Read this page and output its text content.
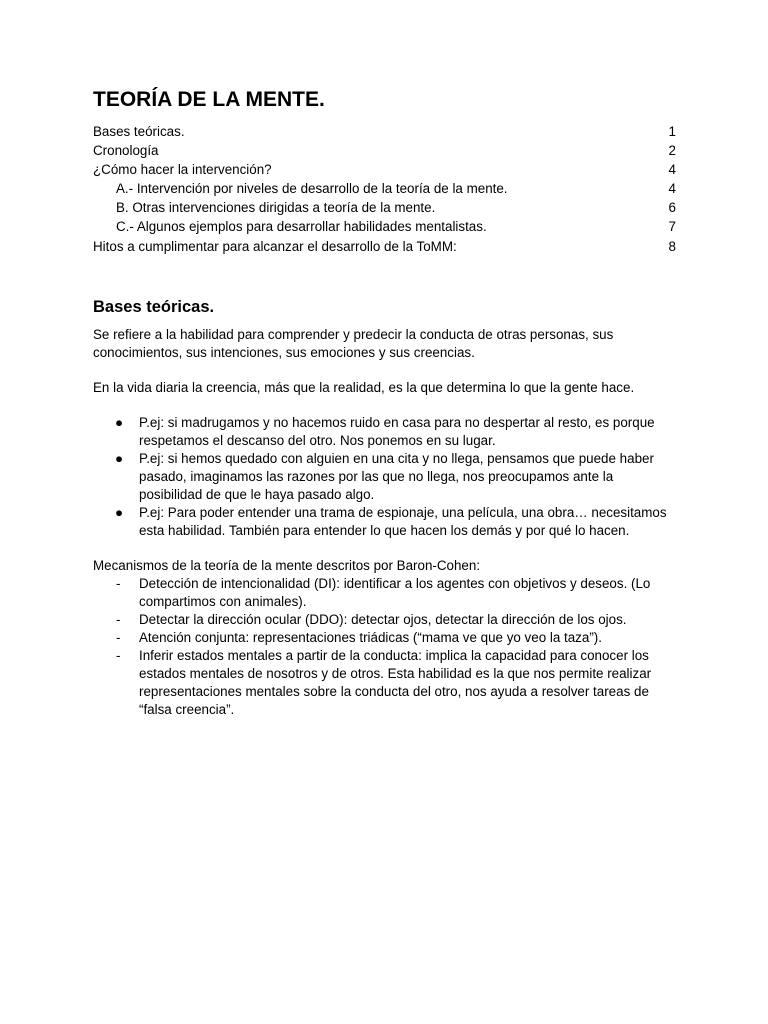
TEORÍA DE LA MENTE.
Bases teóricas.	1
Cronología	2
¿Cómo hacer la intervención?	4
A.- Intervención por niveles de desarrollo de la teoría de la mente.	4
B. Otras intervenciones dirigidas a teoría de la mente.	6
C.- Algunos ejemplos para desarrollar habilidades mentalistas.	7
Hitos a cumplimentar para alcanzar el desarrollo de la ToMM:	8
Bases teóricas.

Se refiere a la habilidad para comprender y predecir la conducta de otras personas, sus conocimientos, sus intenciones, sus emociones y sus creencias.

En la vida diaria la creencia, más que la realidad, es la que determina lo que la gente hace.

● P.ej: si madrugamos y no hacemos ruido en casa para no despertar al resto, es porque respetamos el descanso del otro. Nos ponemos en su lugar.
● P.ej: si hemos quedado con alguien en una cita y no llega, pensamos que puede haber pasado, imaginamos las razones por las que no llega, nos preocupamos ante la posibilidad de que le haya pasado algo.
● P.ej: Para poder entender una trama de espionaje, una película, una obra… necesitamos esta habilidad. También para entender lo que hacen los demás y por qué lo hacen.

Mecanismos de la teoría de la mente descritos por Baron-Cohen:

- Detección de intencionalidad (DI): identificar a los agentes con objetivos y deseos. (Lo compartimos con animales).
- Detectar la dirección ocular (DDO): detectar ojos, detectar la dirección de los ojos.
- Atención conjunta: representaciones triádicas (“mama ve que yo veo la taza”).
- Inferir estados mentales a partir de la conducta: implica la capacidad para conocer los estados mentales de nosotros y de otros. Esta habilidad es la que nos permite realizar representaciones mentales sobre la conducta del otro, nos ayuda a resolver tareas de “falsa creencia”.
